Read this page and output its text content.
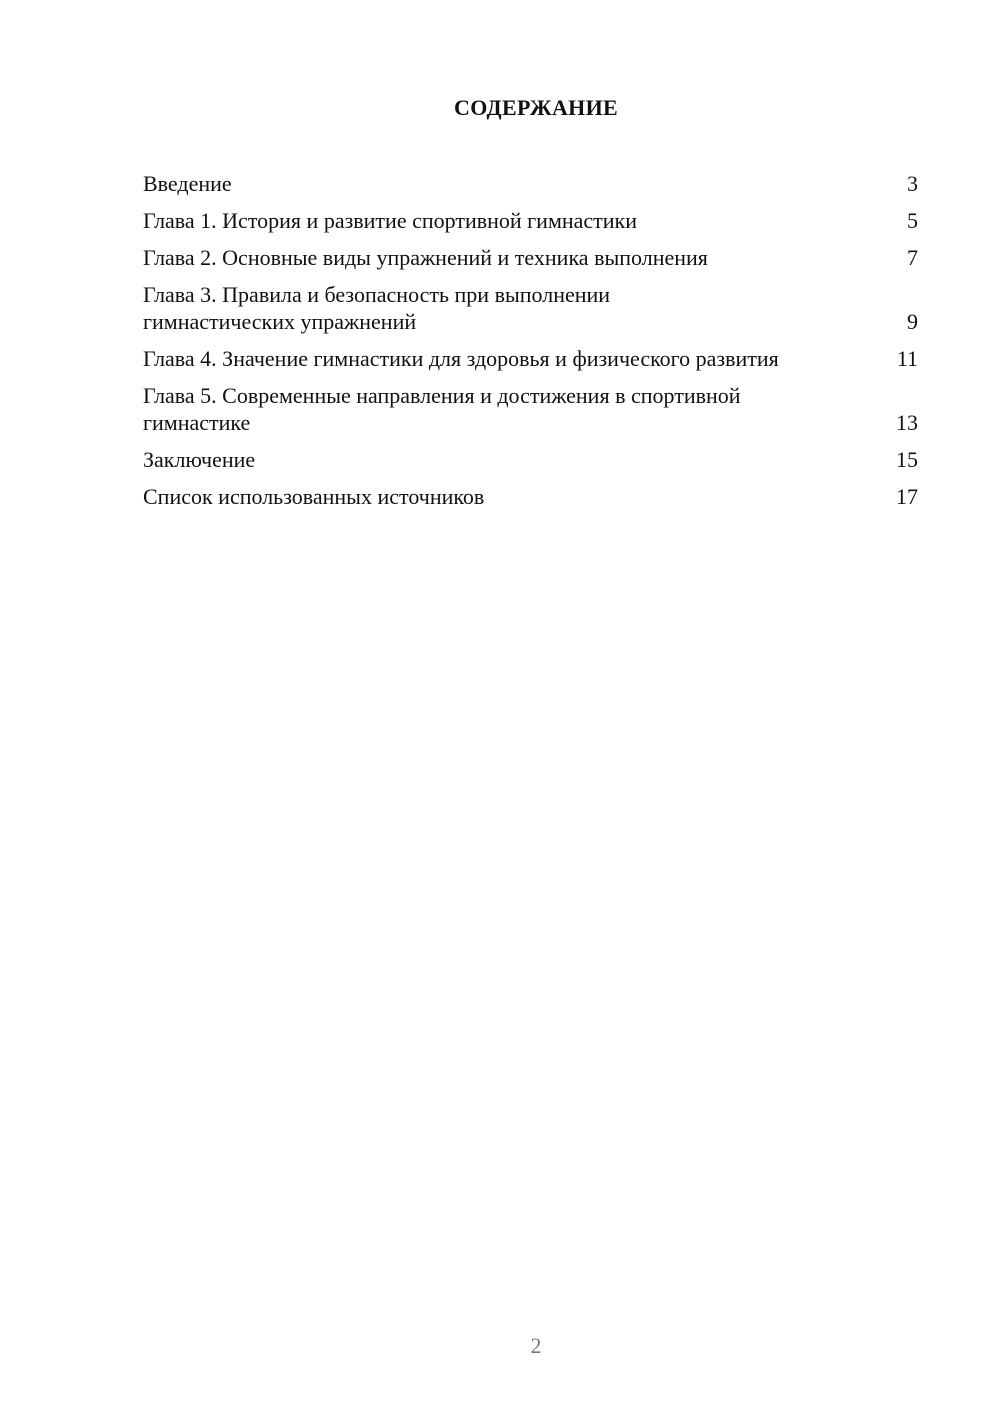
СОДЕРЖАНИЕ
Введение	3
Глава 1. История и развитие спортивной гимнастики	5
Глава 2. Основные виды упражнений и техника выполнения	7
Глава 3. Правила и безопасность при выполнении гимнастических упражнений	9
Глава 4. Значение гимнастики для здоровья и физического развития	11
Глава 5. Современные направления и достижения в спортивной гимнастике	13
Заключение	15
Список использованных источников	17
2
